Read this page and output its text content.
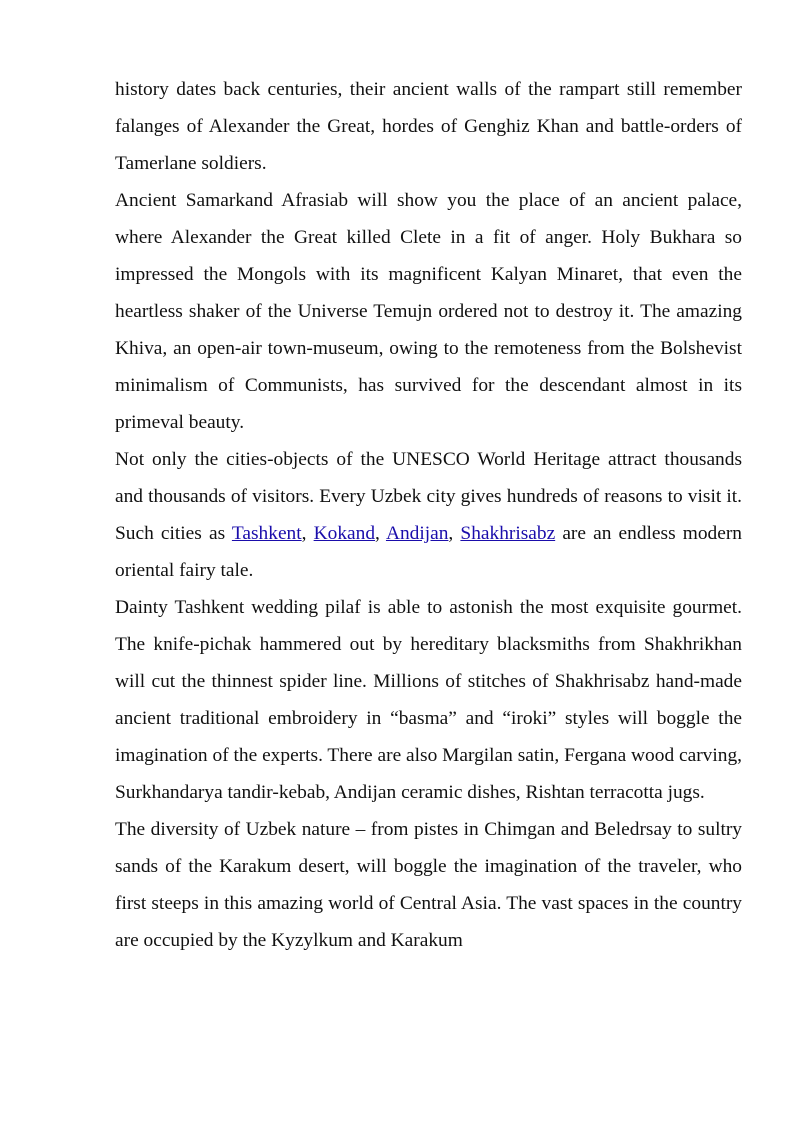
history dates back centuries, their ancient walls of the rampart still remember falanges of Alexander the Great, hordes of Genghiz Khan and battle-orders of Tamerlane soldiers.

Ancient Samarkand Afrasiab will show you the place of an ancient palace, where Alexander the Great killed Clete in a fit of anger. Holy Bukhara so impressed the Mongols with its magnificent Kalyan Minaret, that even the heartless shaker of the Universe Temujn ordered not to destroy it. The amazing Khiva, an open-air town-museum, owing to the remoteness from the Bolshevist minimalism of Communists, has survived for the descendant almost in its primeval beauty.

Not only the cities-objects of the UNESCO World Heritage attract thousands and thousands of visitors. Every Uzbek city gives hundreds of reasons to visit it. Such cities as Tashkent, Kokand, Andijan, Shakhrisabz are an endless modern oriental fairy tale.

Dainty Tashkent wedding pilaf is able to astonish the most exquisite gourmet. The knife-pichak hammered out by hereditary blacksmiths from Shakhrikhan will cut the thinnest spider line. Millions of stitches of Shakhrisabz hand-made ancient traditional embroidery in “basma” and “iroki” styles will boggle the imagination of the experts. There are also Margilan satin, Fergana wood carving, Surkhandarya tandir-kebab, Andijan ceramic dishes, Rishtan terracotta jugs.

The diversity of Uzbek nature – from pistes in Chimgan and Beledrsay to sultry sands of the Karakum desert, will boggle the imagination of the traveler, who first steeps in this amazing world of Central Asia. The vast spaces in the country are occupied by the Kyzylkum and Karakum
